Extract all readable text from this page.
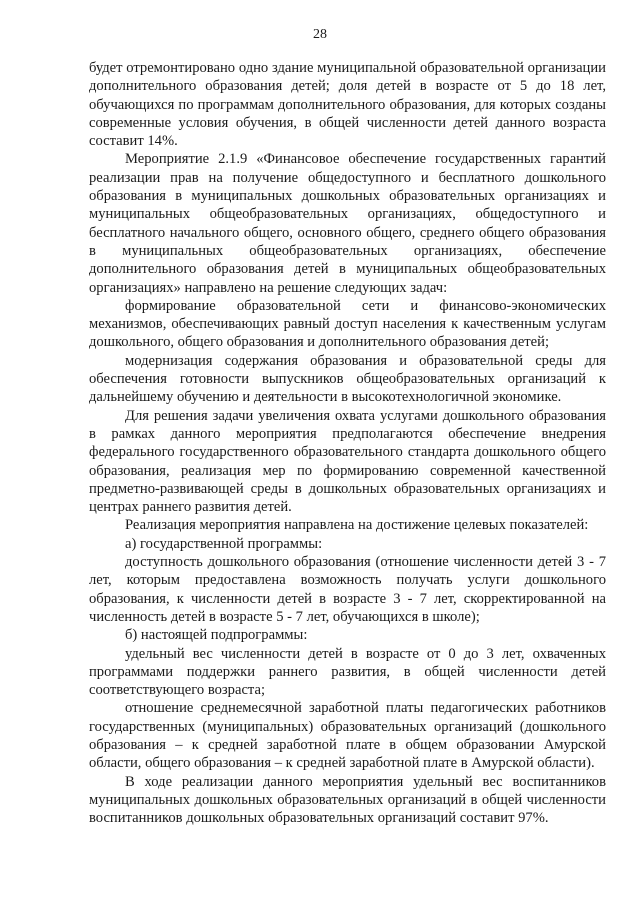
28

будет отремонтировано одно здание муниципальной образовательной организации дополнительного образования детей; доля детей в возрасте от 5 до 18 лет, обучающихся по программам дополнительного образования, для которых созданы современные условия обучения, в общей численности детей данного возраста составит 14%.

Мероприятие 2.1.9 «Финансовое обеспечение государственных гарантий реализации прав на получение общедоступного и бесплатного дошкольного образования в муниципальных дошкольных образовательных организациях и муниципальных общеобразовательных организациях, общедоступного и бесплатного начального общего, основного общего, среднего общего образования в муниципальных общеобразовательных организациях, обеспечение дополнительного образования детей в муниципальных общеобразовательных организациях» направлено на решение следующих задач:

формирование образовательной сети и финансово-экономических механизмов, обеспечивающих равный доступ населения к качественным услугам дошкольного, общего образования и дополнительного образования детей;

модернизация содержания образования и образовательной среды для обеспечения готовности выпускников общеобразовательных организаций к дальнейшему обучению и деятельности в высокотехнологичной экономике.

Для решения задачи увеличения охвата услугами дошкольного образования в рамках данного мероприятия предполагаются обеспечение внедрения федерального государственного образовательного стандарта дошкольного общего образования, реализация мер по формированию современной качественной предметно-развивающей среды в дошкольных образовательных организациях и центрах раннего развития детей.

Реализация мероприятия направлена на достижение целевых показателей:

а) государственной программы:

доступность дошкольного образования (отношение численности детей 3 - 7 лет, которым предоставлена возможность получать услуги дошкольного образования, к численности детей в возрасте 3 - 7 лет, скорректированной на численность детей в возрасте 5 - 7 лет, обучающихся в школе);

б) настоящей подпрограммы:

удельный вес численности детей в возрасте от 0 до 3 лет, охваченных программами поддержки раннего развития, в общей численности детей соответствующего возраста;

отношение среднемесячной заработной платы педагогических работников государственных (муниципальных) образовательных организаций (дошкольного образования – к средней заработной плате в общем образовании Амурской области, общего образования – к средней заработной плате в Амурской области).

В ходе реализации данного мероприятия удельный вес воспитанников муниципальных дошкольных образовательных организаций в общей численности воспитанников дошкольных образовательных организаций составит 97%.
